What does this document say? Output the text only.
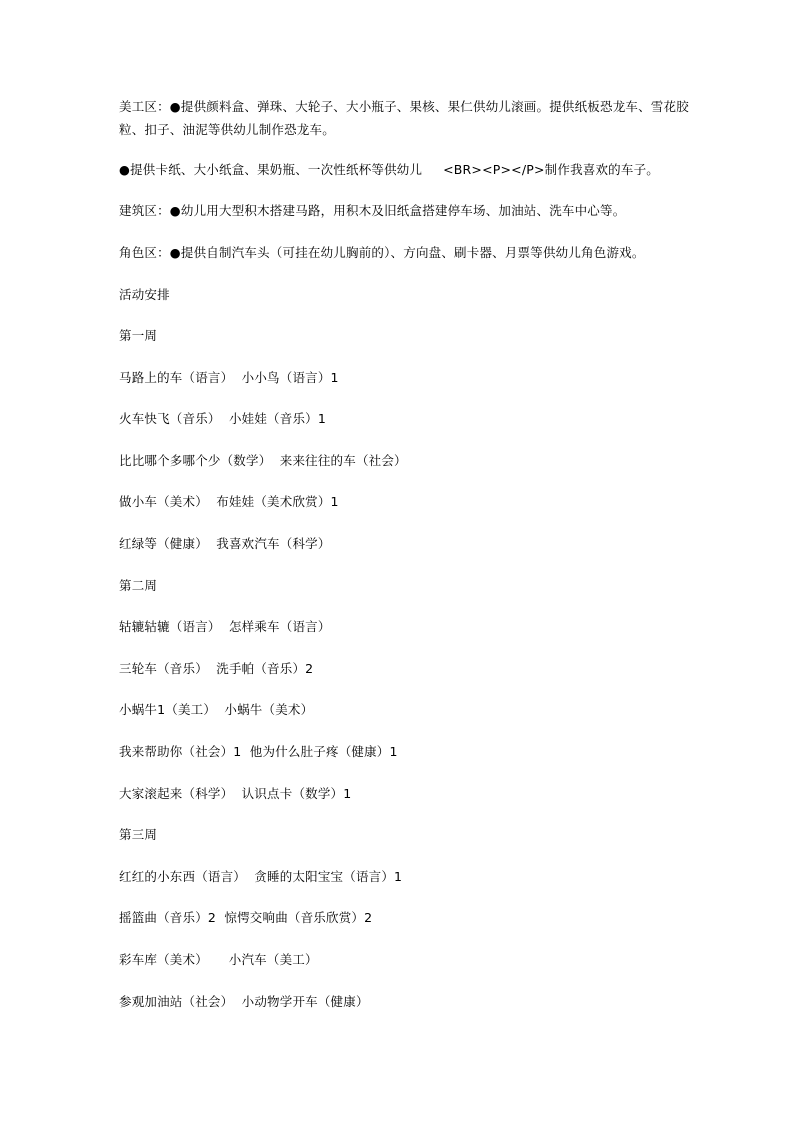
美工区：●提供颜料盒、弹珠、大轮子、大小瓶子、果核、果仁供幼儿滚画。提供纸板恐龙车、雪花胶粒、扣子、油泥等供幼儿制作恐龙车。
●提供卡纸、大小纸盒、果奶瓶、一次性纸杯等供幼儿     <BR><P></P>制作我喜欢的车子。
建筑区：●幼儿用大型积木搭建马路，用积木及旧纸盒搭建停车场、加油站、洗车中心等。
角色区：●提供自制汽车头（可挂在幼儿胸前的）、方向盘、刷卡器、月票等供幼儿角色游戏。
活动安排
第一周
马路上的车（语言）  小小鸟（语言）1
火车快飞（音乐）  小娃娃（音乐）1
比比哪个多哪个少（数学）  来来往往的车（社会）
做小车（美术）  布娃娃（美术欣赏）1
红绿等（健康）  我喜欢汽车（科学）
第二周
轱辘轱辘（语言）  怎样乘车（语言）
三轮车（音乐）  洗手帕（音乐）2
小蜗牛1（美工）  小蜗牛（美术）
我来帮助你（社会）1  他为什么肚子疼（健康）1
大家滚起来（科学）  认识点卡（数学）1
第三周
红红的小东西（语言）  贪睡的太阳宝宝（语言）1
摇篮曲（音乐）2  惊愕交响曲（音乐欣赏）2
彩车库（美术）     小汽车（美工）
参观加油站（社会）  小动物学开车（健康）
